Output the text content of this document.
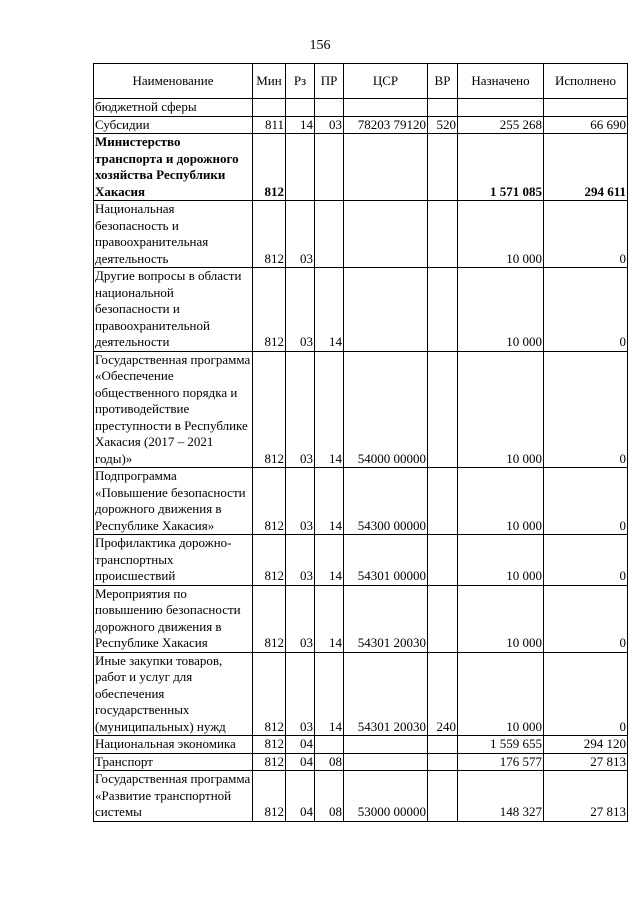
156
Наименование	Мин	Рз	ПР	ЦСР	ВР	Назначено	Исполнено
бюджетной сферы							
Субсидии	811	14	03	78203 79120	520	255 268	66 690
Министерство транспорта и дорожного хозяйства Республики Хакасия	812					1 571 085	294 611
Национальная безопасность и правоохранительная деятельность	812	03				10 000	0
Другие вопросы в области национальной безопасности и правоохранительной деятельности	812	03	14			10 000	0
Государственная программа «Обеспечение общественного порядка и противодействие преступности в Республике Хакасия (2017 – 2021 годы)»	812	03	14	54000 00000		10 000	0
Подпрограмма «Повышение безопасности дорожного движения в Республике Хакасия»	812	03	14	54300 00000		10 000	0
Профилактика дорожно-транспортных происшествий	812	03	14	54301 00000		10 000	0
Мероприятия по повышению безопасности дорожного движения в Республике Хакасия	812	03	14	54301 20030		10 000	0
Иные закупки товаров, работ и услуг для обеспечения государственных (муниципальных) нужд	812	03	14	54301 20030	240	10 000	0
Национальная экономика	812	04				1 559 655	294 120
Транспорт	812	04	08			176 577	27 813
Государственная программа «Развитие транспортной системы	812	04	08	53000 00000		148 327	27 813
